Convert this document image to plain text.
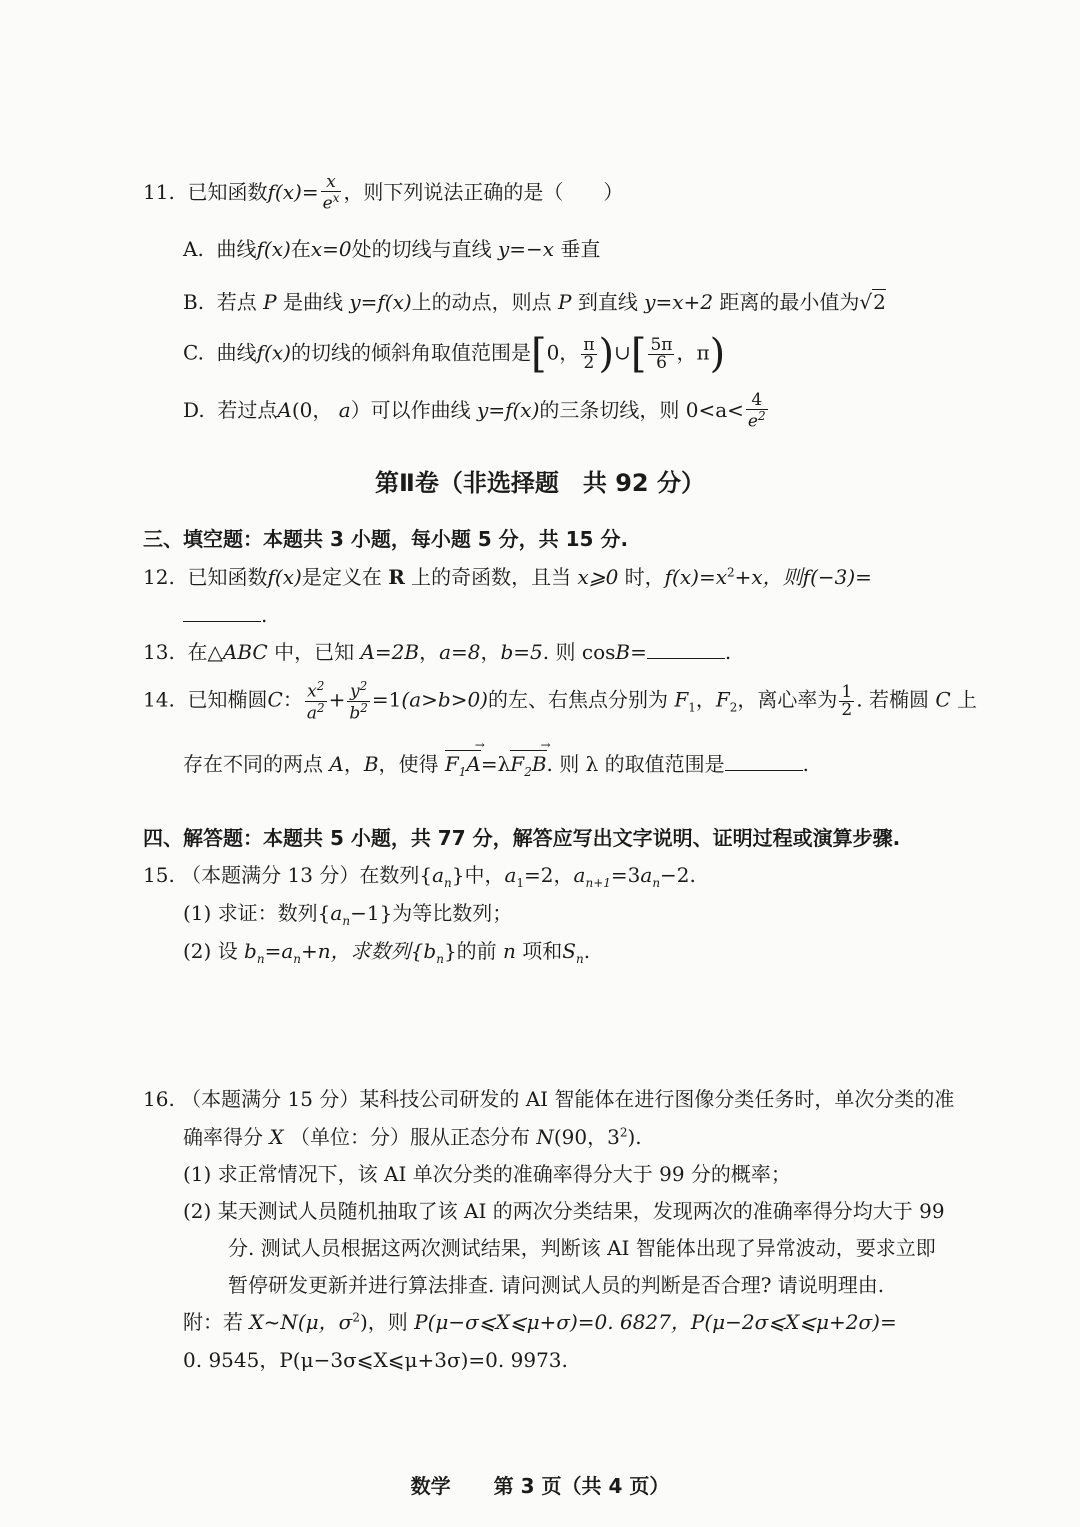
11. 已知函数$f(x)= \frac{x}{e^x}$ ，则下列说法正确的是（　　）
A. 曲线f(x)在x=0处的切线与直线 y=−x 垂直
B. 若点 P 是曲线 y=f(x)上的动点，则点 P 到直线 y=x+2 距离的最小值为√2
C. 曲线f(x)的切线的倾斜角取值范围是[0， $\frac{\pi}{2}$ )∪[ $\frac{5\pi}{6}$ ，π)
D. 若过点A(0， a）可以作曲线 y=f(x)的三条切线，则 $0<a< \frac{4}{e^2}$
第Ⅱ卷（非选择题　共 92 分）
三、填空题：本题共 3 小题，每小题 5 分，共 15 分.
12. 已知函数f(x)是定义在 R 上的奇函数，且当 x⩾0 时，$f(x)=x^2+x$，则f(−3)=
.
13. 在△ABC 中，已知 A=2B，a=8，b=5. 则 cosB=	.
14. 已知椭圆C： $\frac{x^2}{a^2} + \frac{y^2}{b^2} =1(a>b>0)$的左、右焦点分别为 $F_1$，$F_2$，离心率为 $\frac{1}{2}$ . 若椭圆 C 上
存在不同的两点 A，B，使得 $F_1A \to=\lambda F_2B$ →. 则 λ 的取值范围是	.
四、解答题：本题共 5 小题，共 77 分，解答应写出文字说明、证明过程或演算步骤.
15. （本题满分 13 分）在数列$\{a_n\}$中，$a_1=2$，$a_{n+1}=3a_n-2$.
(1) 求证：数列$\{a_n-1\}$为等比数列；
(2) 设 $b_n=a_n+n$，求数列$\{b_n\}$的前 n 项和$S_n$.
16. （本题满分 15 分）某科技公司研发的 AI 智能体在进行图像分类任务时，单次分类的准
确率得分 X （单位：分）服从正态分布 N(90，$3^2$).
(1) 求正常情况下，该 AI 单次分类的准确率得分大于 99 分的概率；
(2) 某天测试人员随机抽取了该 AI 的两次分类结果，发现两次的准确率得分均大于 99
分. 测试人员根据这两次测试结果，判断该 AI 智能体出现了异常波动，要求立即
暂停研发更新并进行算法排查. 请问测试人员的判断是否合理? 请说明理由.
附：若 X~N(μ，$\sigma^2$)，则 P(μ−σ⩽X⩽μ+σ)=0. 6827，P(μ−2σ⩽X⩽μ+2σ)=
0. 9545，P(μ−3σ⩽X⩽μ+3σ)=0. 9973.
数学 第 3 页（共 4 页）
